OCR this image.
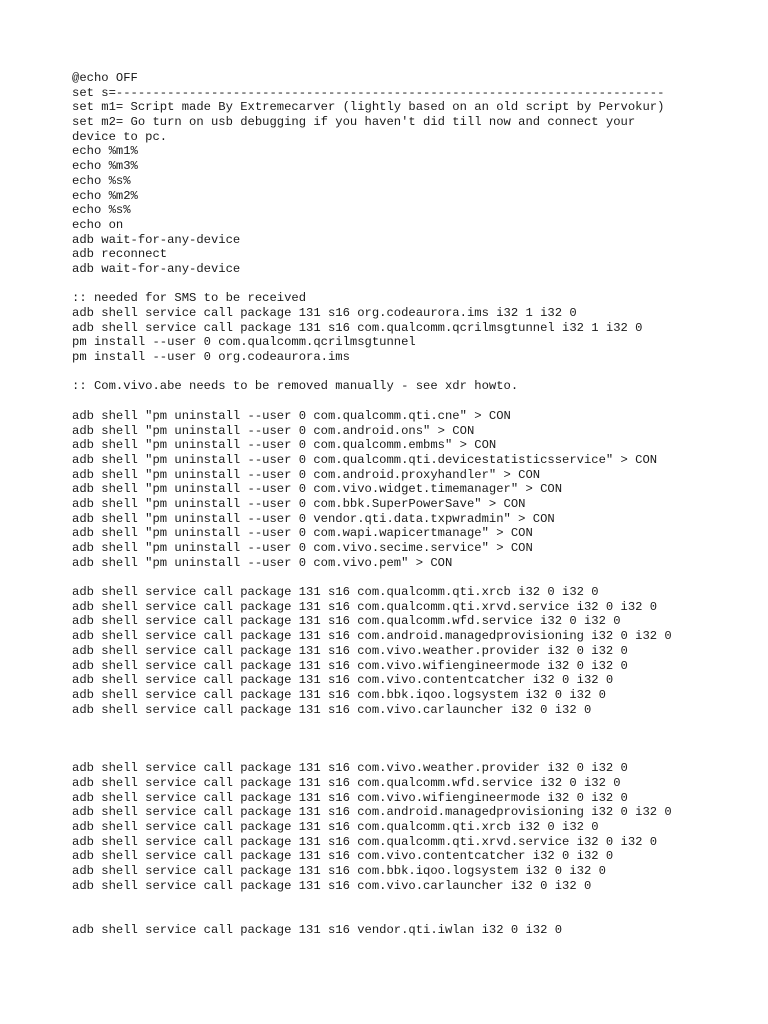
@echo OFF
set s=---------------------------------------------------------------------------
set m1= Script made By Extremecarver (lightly based on an old script by Pervokur)
set m2= Go turn on usb debugging if you haven't did till now and connect your
device to pc.
echo %m1%
echo %m3%
echo %s%
echo %m2%
echo %s%
echo on
adb wait-for-any-device
adb reconnect
adb wait-for-any-device
:: needed for SMS to be received
adb shell service call package 131 s16 org.codeaurora.ims i32 1 i32 0
adb shell service call package 131 s16 com.qualcomm.qcrilmsgtunnel i32 1 i32 0
pm install --user 0 com.qualcomm.qcrilmsgtunnel
pm install --user 0 org.codeaurora.ims
:: Com.vivo.abe needs to be removed manually - see xdr howto.
adb shell "pm uninstall --user 0 com.qualcomm.qti.cne" > CON
adb shell "pm uninstall --user 0 com.android.ons" > CON
adb shell "pm uninstall --user 0 com.qualcomm.embms" > CON
adb shell "pm uninstall --user 0 com.qualcomm.qti.devicestatisticsservice" > CON
adb shell "pm uninstall --user 0 com.android.proxyhandler" > CON
adb shell "pm uninstall --user 0 com.vivo.widget.timemanager" > CON
adb shell "pm uninstall --user 0 com.bbk.SuperPowerSave" > CON
adb shell "pm uninstall --user 0 vendor.qti.data.txpwradmin" > CON
adb shell "pm uninstall --user 0 com.wapi.wapicertmanage" > CON
adb shell "pm uninstall --user 0 com.vivo.secime.service" > CON
adb shell "pm uninstall --user 0 com.vivo.pem" > CON
adb shell service call package 131 s16 com.qualcomm.qti.xrcb i32 0 i32 0
adb shell service call package 131 s16 com.qualcomm.qti.xrvd.service i32 0 i32 0
adb shell service call package 131 s16 com.qualcomm.wfd.service i32 0 i32 0
adb shell service call package 131 s16 com.android.managedprovisioning i32 0 i32 0
adb shell service call package 131 s16 com.vivo.weather.provider i32 0 i32 0
adb shell service call package 131 s16 com.vivo.wifiengineermode i32 0 i32 0
adb shell service call package 131 s16 com.vivo.contentcatcher i32 0 i32 0
adb shell service call package 131 s16 com.bbk.iqoo.logsystem i32 0 i32 0
adb shell service call package 131 s16 com.vivo.carlauncher i32 0 i32 0
adb shell service call package 131 s16 com.vivo.weather.provider i32 0 i32 0
adb shell service call package 131 s16 com.qualcomm.wfd.service i32 0 i32 0
adb shell service call package 131 s16 com.vivo.wifiengineermode i32 0 i32 0
adb shell service call package 131 s16 com.android.managedprovisioning i32 0 i32 0
adb shell service call package 131 s16 com.qualcomm.qti.xrcb i32 0 i32 0
adb shell service call package 131 s16 com.qualcomm.qti.xrvd.service i32 0 i32 0
adb shell service call package 131 s16 com.vivo.contentcatcher i32 0 i32 0
adb shell service call package 131 s16 com.bbk.iqoo.logsystem i32 0 i32 0
adb shell service call package 131 s16 com.vivo.carlauncher i32 0 i32 0
adb shell service call package 131 s16 vendor.qti.iwlan i32 0 i32 0
